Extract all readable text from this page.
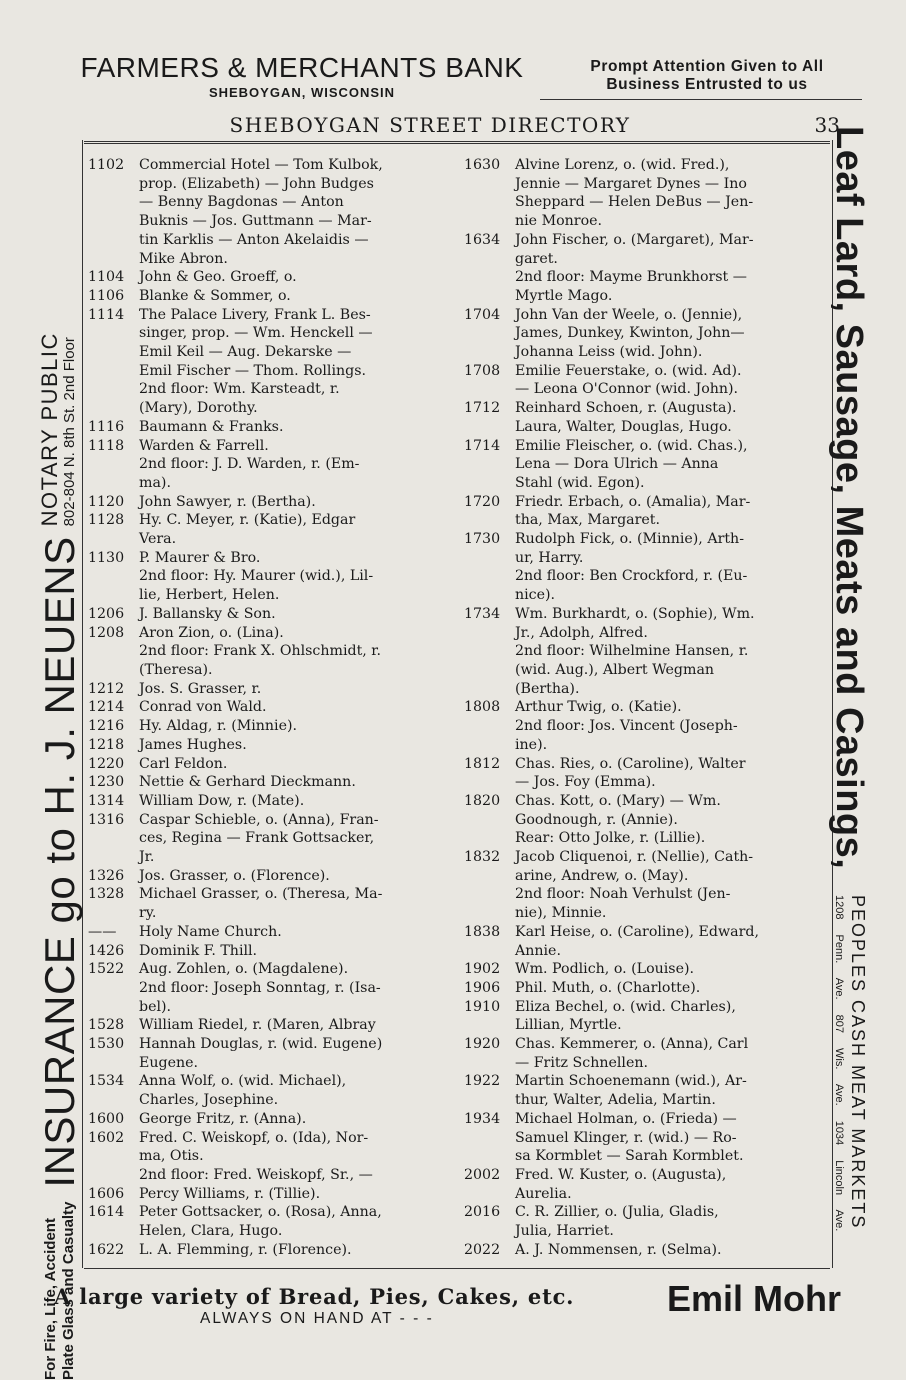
FARMERS & MERCHANTS BANK
SHEBOYGAN, WISCONSIN
Prompt Attention Given to All
Business Entrusted to us
SHEBOYGAN STREET DIRECTORY	33
For Fire, Life, Accident Plate Glass and Casualty
INSURANCE go to H. J. NEUENS
NOTARY PUBLIC 802-804 N. 8th St. 2nd Floor	Leaf Lard, Sausage, Meats and Casings,
PEOPLES CASH MEAT MARKETS
1208 Penn. Ave. 807 Wis. Ave. 1034 Lincoln Ave.
1102	Commercial Hotel — Tom Kulbok,
prop. (Elizabeth) — John Budges
— Benny Bagdonas — Anton
Buknis — Jos. Guttmann — Mar-
tin Karklis — Anton Akelaidis —
Mike Abron.
1104	John & Geo. Groeff, o.
1106	Blanke & Sommer, o.
1114	The Palace Livery, Frank L. Bes-
singer, prop. — Wm. Henckell —
Emil Keil — Aug. Dekarske —
Emil Fischer — Thom. Rollings.
2nd floor: Wm. Karsteadt, r.
(Mary), Dorothy.
1116	Baumann & Franks.
1118	Warden & Farrell.
2nd floor: J. D. Warden, r. (Em-
ma).
1120	John Sawyer, r. (Bertha).
1128	Hy. C. Meyer, r. (Katie), Edgar
Vera.
1130	P. Maurer & Bro.
2nd floor: Hy. Maurer (wid.), Lil-
lie, Herbert, Helen.
1206	J. Ballansky & Son.
1208	Aron Zion, o. (Lina).
2nd floor: Frank X. Ohlschmidt, r.
(Theresa).
1212	Jos. S. Grasser, r.
1214	Conrad von Wald.
1216	Hy. Aldag, r. (Minnie).
1218	James Hughes.
1220	Carl Feldon.
1230	Nettie & Gerhard Dieckmann.
1314	William Dow, r. (Mate).
1316	Caspar Schieble, o. (Anna), Fran-
ces, Regina — Frank Gottsacker,
Jr.
1326	Jos. Grasser, o. (Florence).
1328	Michael Grasser, o. (Theresa, Ma-
ry.
——	Holy Name Church.
1426	Dominik F. Thill.
1522	Aug. Zohlen, o. (Magdalene).
2nd floor: Joseph Sonntag, r. (Isa-
bel).
1528	William Riedel, r. (Maren, Albray
1530	Hannah Douglas, r. (wid. Eugene)
Eugene.
1534	Anna Wolf, o. (wid. Michael),
Charles, Josephine.
1600	George Fritz, r. (Anna).
1602	Fred. C. Weiskopf, o. (Ida), Nor-
ma, Otis.
2nd floor: Fred. Weiskopf, Sr., —
1606	Percy Williams, r. (Tillie).
1614	Peter Gottsacker, o. (Rosa), Anna,
Helen, Clara, Hugo.
1622	L. A. Flemming, r. (Florence).
1630	Alvine Lorenz, o. (wid. Fred.),
Jennie — Margaret Dynes — Ino
Sheppard — Helen DeBus — Jen-
nie Monroe.
1634	John Fischer, o. (Margaret), Mar-
garet.
2nd floor: Mayme Brunkhorst —
Myrtle Mago.
1704	John Van der Weele, o. (Jennie),
James, Dunkey, Kwinton, John—
Johanna Leiss (wid. John).
1708	Emilie Feuerstake, o. (wid. Ad).
— Leona O'Connor (wid. John).
1712	Reinhard Schoen, r. (Augusta).
Laura, Walter, Douglas, Hugo.
1714	Emilie Fleischer, o. (wid. Chas.),
Lena — Dora Ulrich — Anna
Stahl (wid. Egon).
1720	Friedr. Erbach, o. (Amalia), Mar-
tha, Max, Margaret.
1730	Rudolph Fick, o. (Minnie), Arth-
ur, Harry.
2nd floor: Ben Crockford, r. (Eu-
nice).
1734	Wm. Burkhardt, o. (Sophie), Wm.
Jr., Adolph, Alfred.
2nd floor: Wilhelmine Hansen, r.
(wid. Aug.), Albert Wegman
(Bertha).
1808	Arthur Twig, o. (Katie).
2nd floor: Jos. Vincent (Joseph-
ine).
1812	Chas. Ries, o. (Caroline), Walter
— Jos. Foy (Emma).
1820	Chas. Kott, o. (Mary) — Wm.
Goodnough, r. (Annie).
Rear: Otto Jolke, r. (Lillie).
1832	Jacob Cliquenoi, r. (Nellie), Cath-
arine, Andrew, o. (May).
2nd floor: Noah Verhulst (Jen-
nie), Minnie.
1838	Karl Heise, o. (Caroline), Edward,
Annie.
1902	Wm. Podlich, o. (Louise).
1906	Phil. Muth, o. (Charlotte).
1910	Eliza Bechel, o. (wid. Charles),
Lillian, Myrtle.
1920	Chas. Kemmerer, o. (Anna), Carl
— Fritz Schnellen.
1922	Martin Schoenemann (wid.), Ar-
thur, Walter, Adelia, Martin.
1934	Michael Holman, o. (Frieda) —
Samuel Klinger, r. (wid.) — Ro-
sa Kormblet — Sarah Kormblet.
2002	Fred. W. Kuster, o. (Augusta),
Aurelia.
2016	C. R. Zillier, o. (Julia, Gladis,
Julia, Harriet.
2022	A. J. Nommensen, r. (Selma).
A large variety of Bread, Pies, Cakes, etc.
ALWAYS ON HAND AT - - -	Emil Mohr
